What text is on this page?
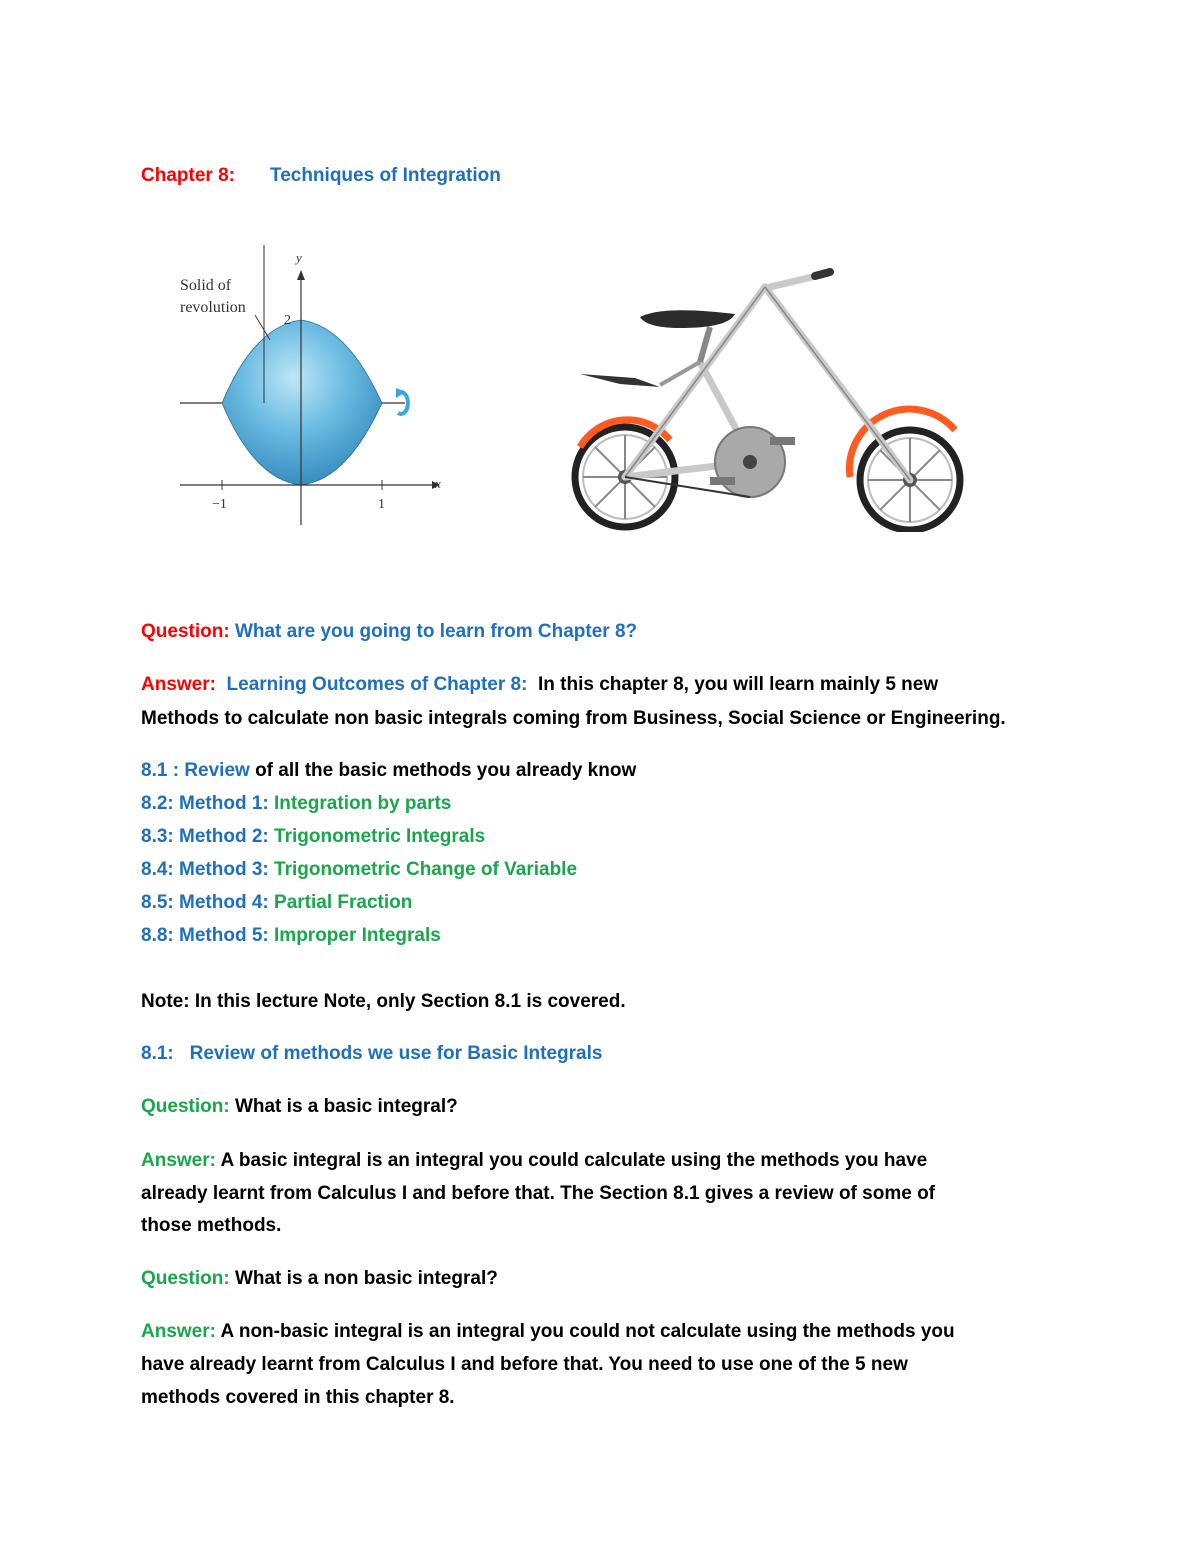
Chapter 8: Techniques of Integration
Solid of
revolution
y
x
2
−1	1
Question: What are you going to learn from Chapter 8?
Answer: Learning Outcomes of Chapter 8: In this chapter 8, you will learn mainly 5 new
Methods to calculate non basic integrals coming from Business, Social Science or Engineering.
8.1 : Review of all the basic methods you already know
8.2: Method 1: Integration by parts
8.3: Method 2: Trigonometric Integrals
8.4: Method 3: Trigonometric Change of Variable
8.5: Method 4: Partial Fraction
8.8: Method 5: Improper Integrals
Note: In this lecture Note, only Section 8.1 is covered.
8.1: Review of methods we use for Basic Integrals
Question: What is a basic integral?
Answer: A basic integral is an integral you could calculate using the methods you have
already learnt from Calculus I and before that. The Section 8.1 gives a review of some of
those methods.
Question: What is a non basic integral?
Answer: A non-basic integral is an integral you could not calculate using the methods you
have already learnt from Calculus I and before that. You need to use one of the 5 new
methods covered in this chapter 8.
